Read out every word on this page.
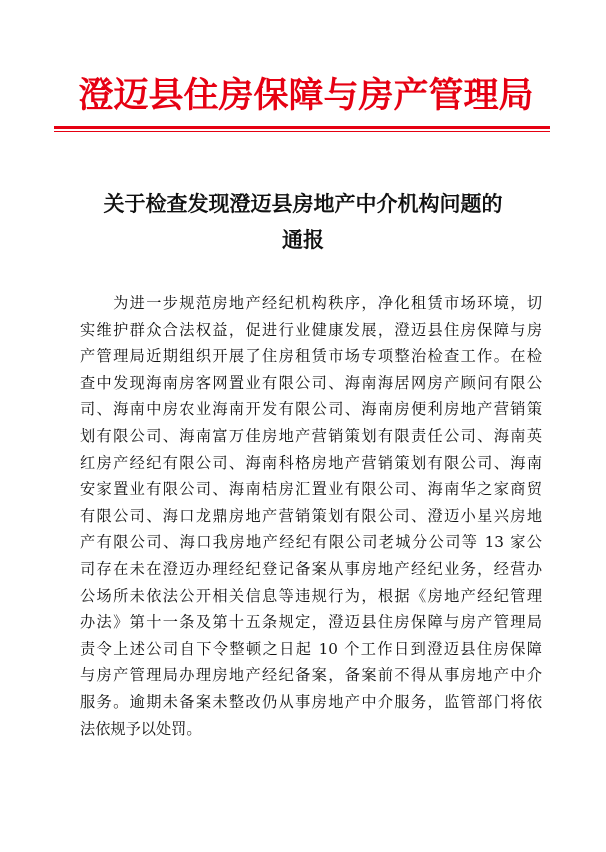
澄迈县住房保障与房产管理局
关于检查发现澄迈县房地产中介机构问题的
通报
　　为进一步规范房地产经纪机构秩序，净化租赁市场环境，切
实维护群众合法权益，促进行业健康发展，澄迈县住房保障与房
产管理局近期组织开展了住房租赁市场专项整治检查工作。在检
查中发现海南房客网置业有限公司、海南海居网房产顾问有限公
司、海南中房农业海南开发有限公司、海南房便利房地产营销策
划有限公司、海南富万佳房地产营销策划有限责任公司、海南英
红房产经纪有限公司、海南科格房地产营销策划有限公司、海南
安家置业有限公司、海南桔房汇置业有限公司、海南华之家商贸
有限公司、海口龙鼎房地产营销策划有限公司、澄迈小星兴房地
产有限公司、海口我房地产经纪有限公司老城分公司等 13 家公
司存在未在澄迈办理经纪登记备案从事房地产经纪业务，经营办
公场所未依法公开相关信息等违规行为，根据《房地产经纪管理
办法》第十一条及第十五条规定，澄迈县住房保障与房产管理局
责令上述公司自下令整顿之日起 10 个工作日到澄迈县住房保障
与房产管理局办理房地产经纪备案，备案前不得从事房地产中介
服务。逾期未备案未整改仍从事房地产中介服务，监管部门将依
法依规予以处罚。
